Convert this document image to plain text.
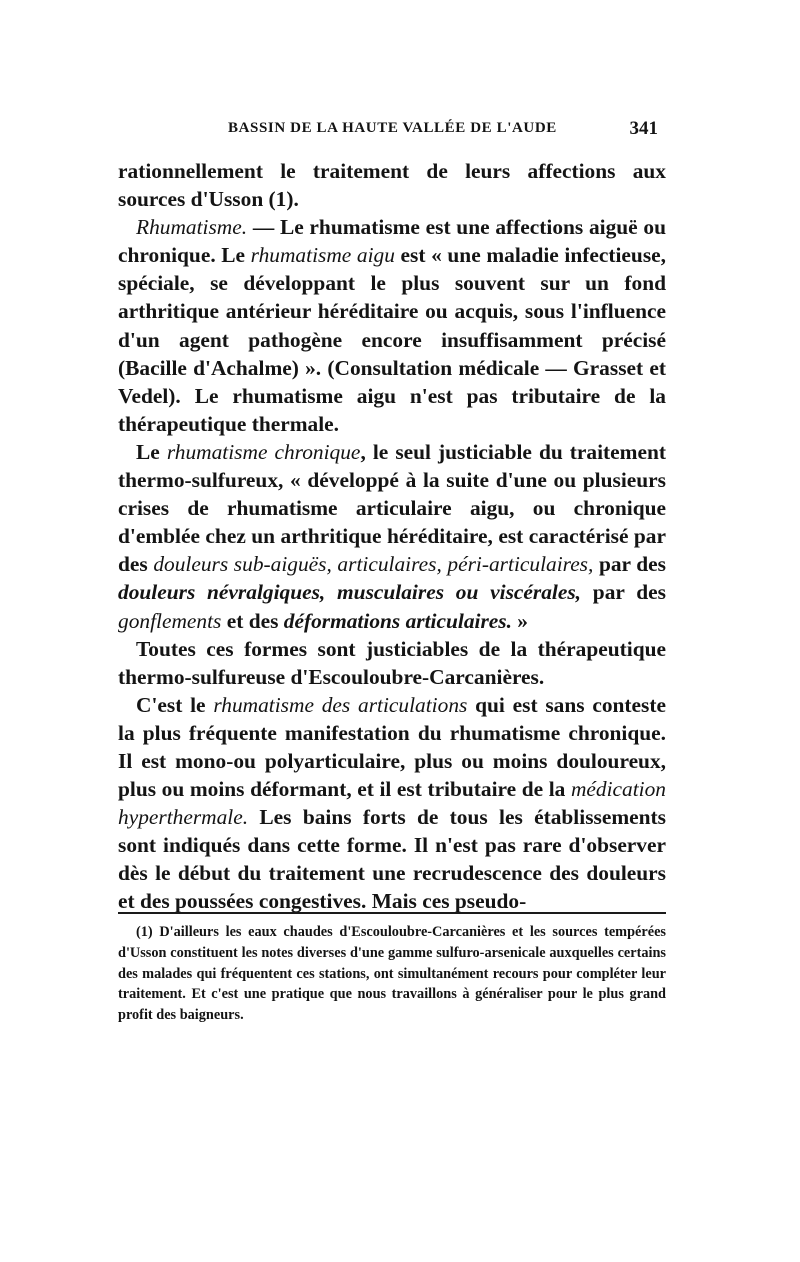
BASSIN DE LA HAUTE VALLÉE DE L'AUDE	341

rationnellement le traitement de leurs affections aux sources d'Usson (1).

Rhumatisme. — Le rhumatisme est une affections aiguë ou chronique. Le rhumatisme aigu est « une maladie infectieuse, spéciale, se développant le plus souvent sur un fond arthritique antérieur héréditaire ou acquis, sous l'influence d'un agent pathogène encore insuffisamment précisé (Bacille d'Achalme) ». (Consultation médicale — Grasset et Vedel). Le rhumatisme aigu n'est pas tributaire de la thérapeutique thermale.

Le rhumatisme chronique, le seul justiciable du traitement thermo-sulfureux, « développé à la suite d'une ou plusieurs crises de rhumatisme articulaire aigu, ou chronique d'emblée chez un arthritique héréditaire, est caractérisé par des douleurs sub-aiguës, articulaires, péri-articulaires, par des douleurs névralgiques, musculaires ou viscérales, par des gonflements et des déformations articulaires. »

Toutes ces formes sont justiciables de la thérapeutique thermo-sulfureuse d'Escouloubre-Carcanières.

C'est le rhumatisme des articulations qui est sans conteste la plus fréquente manifestation du rhumatisme chronique. Il est mono-ou polyarticulaire, plus ou moins douloureux, plus ou moins déformant, et il est tributaire de la médication hyperthermale. Les bains forts de tous les établissements sont indiqués dans cette forme. Il n'est pas rare d'observer dès le début du traitement une recrudescence des douleurs et des poussées congestives. Mais ces pseudo-

(1) D'ailleurs les eaux chaudes d'Escouloubre-Carcanières et les sources tempérées d'Usson constituent les notes diverses d'une gamme sulfuro-arsenicale auxquelles certains des malades qui fréquentent ces stations, ont simultanément recours pour compléter leur traitement. Et c'est une pratique que nous travaillons à généraliser pour le plus grand profit des baigneurs.
